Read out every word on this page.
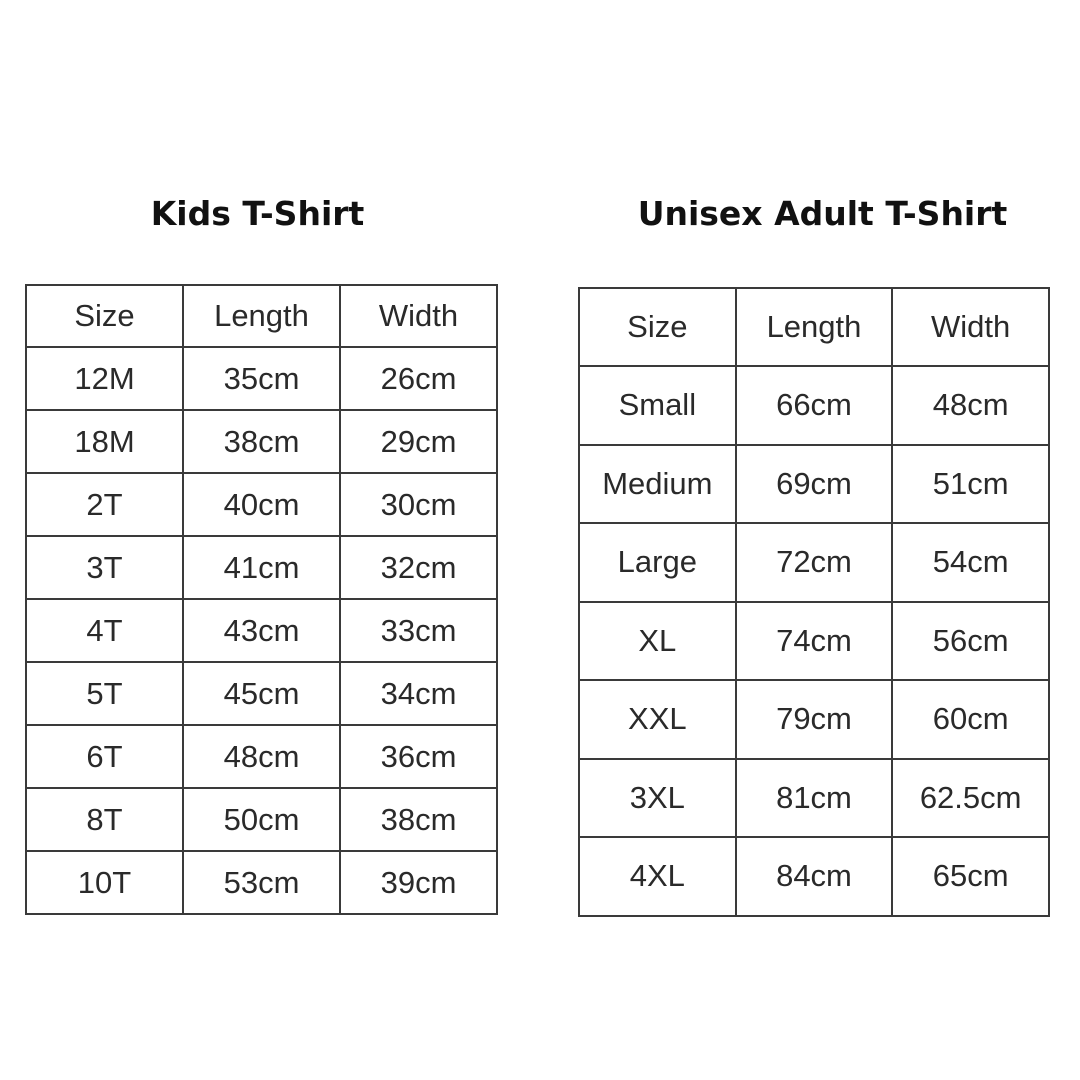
Kids T-Shirt	Unisex Adult T-Shirt
Size	Length	Width
12M	35cm	26cm
18M	38cm	29cm
2T	40cm	30cm
3T	41cm	32cm
4T	43cm	33cm
5T	45cm	34cm
6T	48cm	36cm
8T	50cm	38cm
10T	53cm	39cm
Size	Length	Width
Small	66cm	48cm
Medium	69cm	51cm
Large	72cm	54cm
XL	74cm	56cm
XXL	79cm	60cm
3XL	81cm	62.5cm
4XL	84cm	65cm
